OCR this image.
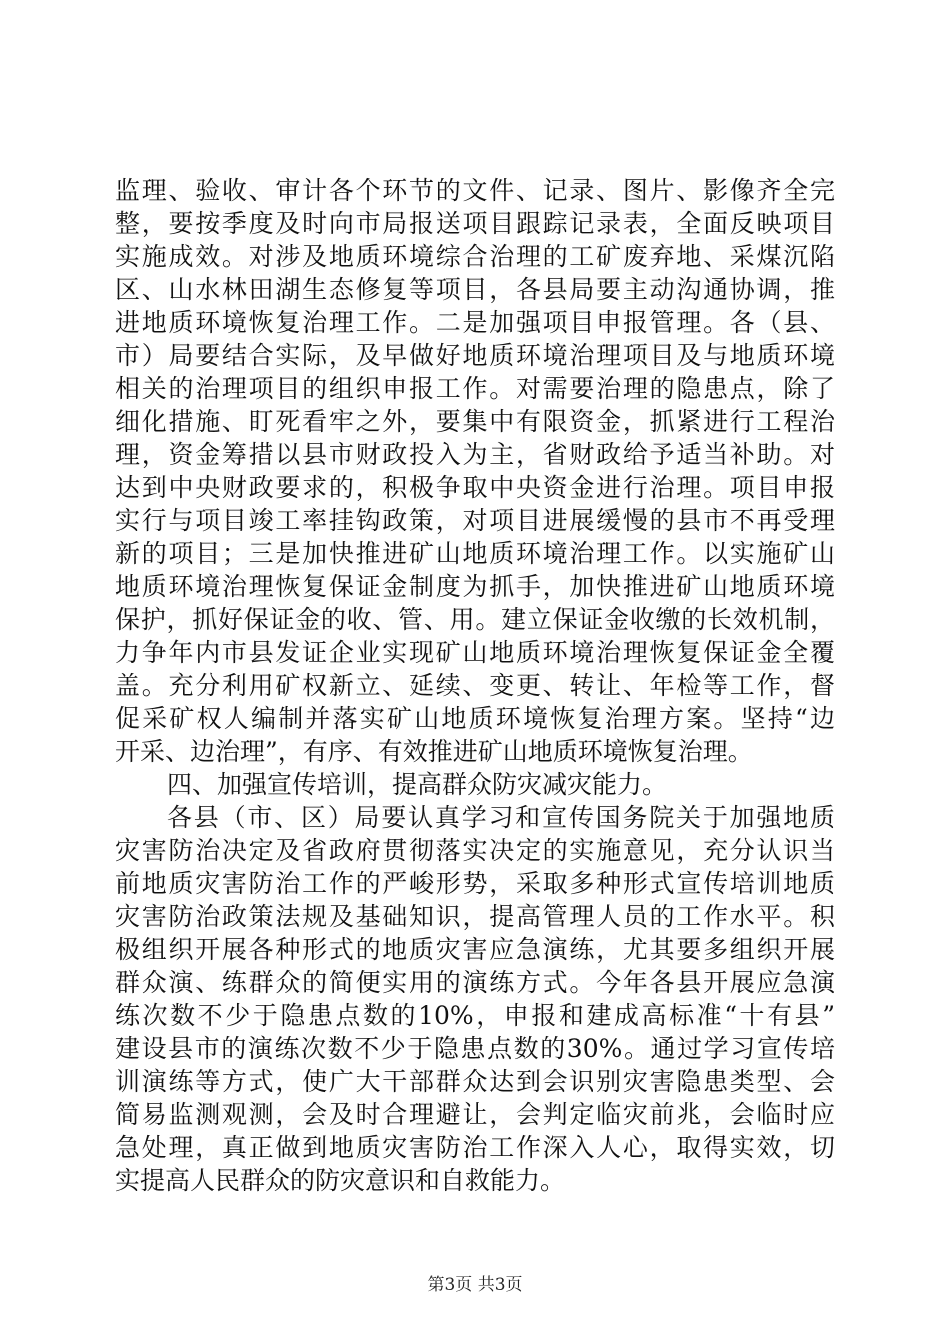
监理、验收、审计各个环节的文件、记录、图片、影像齐全完
整，要按季度及时向市局报送项目跟踪记录表，全面反映项目
实施成效。对涉及地质环境综合治理的工矿废弃地、采煤沉陷
区、山水林田湖生态修复等项目，各县局要主动沟通协调，推
进地质环境恢复治理工作。二是加强项目申报管理。各（县、
市）局要结合实际，及早做好地质环境治理项目及与地质环境
相关的治理项目的组织申报工作。对需要治理的隐患点，除了
细化措施、盯死看牢之外，要集中有限资金，抓紧进行工程治
理，资金筹措以县市财政投入为主，省财政给予适当补助。对
达到中央财政要求的，积极争取中央资金进行治理。项目申报
实行与项目竣工率挂钩政策，对项目进展缓慢的县市不再受理
新的项目；三是加快推进矿山地质环境治理工作。以实施矿山
地质环境治理恢复保证金制度为抓手，加快推进矿山地质环境
保护，抓好保证金的收、管、用。建立保证金收缴的长效机制，
力争年内市县发证企业实现矿山地质环境治理恢复保证金全覆
盖。充分利用矿权新立、延续、变更、转让、年检等工作，督
促采矿权人编制并落实矿山地质环境恢复治理方案。坚持“边
开采、边治理”，有序、有效推进矿山地质环境恢复治理。
四、加强宣传培训，提高群众防灾减灾能力。
各县（市、区）局要认真学习和宣传国务院关于加强地质
灾害防治决定及省政府贯彻落实决定的实施意见，充分认识当
前地质灾害防治工作的严峻形势，采取多种形式宣传培训地质
灾害防治政策法规及基础知识，提高管理人员的工作水平。积
极组织开展各种形式的地质灾害应急演练，尤其要多组织开展
群众演、练群众的简便实用的演练方式。今年各县开展应急演
练次数不少于隐患点数的10%，申报和建成高标准“十有县”
建设县市的演练次数不少于隐患点数的30%。通过学习宣传培
训演练等方式，使广大干部群众达到会识别灾害隐患类型、会
简易监测观测，会及时合理避让，会判定临灾前兆，会临时应
急处理，真正做到地质灾害防治工作深入人心，取得实效，切
实提高人民群众的防灾意识和自救能力。
第3页 共3页
